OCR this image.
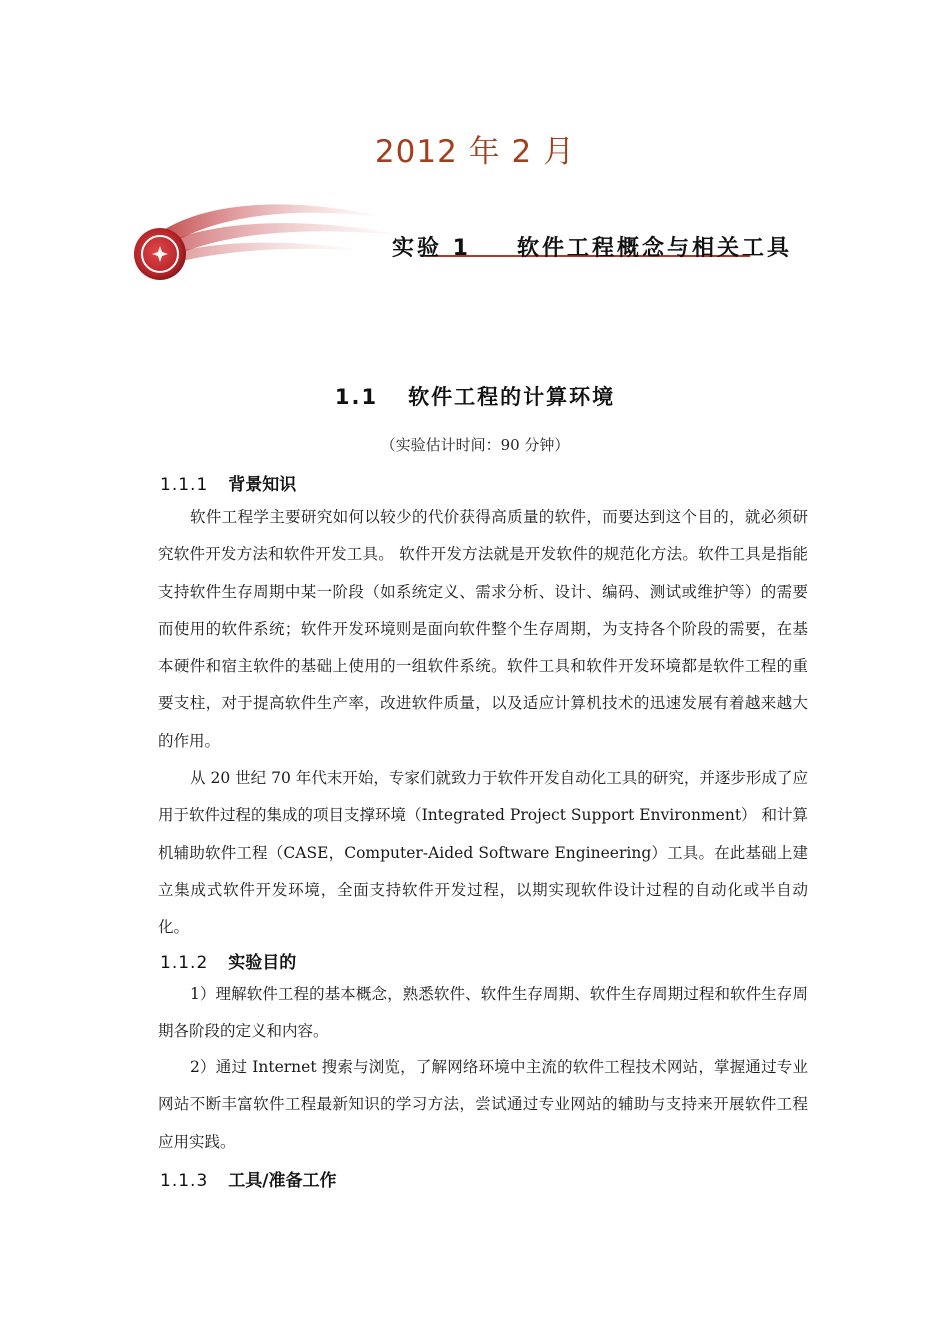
2012 年 2 月
实验 1 软件工程概念与相关工具
1.1 软件工程的计算环境
（实验估计时间：90 分钟）
1.1.1 背景知识
软件工程学主要研究如何以较少的代价获得高质量的软件，而要达到这个目的，就必须研究软件开发方法和软件开发工具。 软件开发方法就是开发软件的规范化方法。软件工具是指能支持软件生存周期中某一阶段（如系统定义、需求分析、设计、编码、测试或维护等）的需要而使用的软件系统；软件开发环境则是面向软件整个生存周期，为支持各个阶段的需要，在基本硬件和宿主软件的基础上使用的一组软件系统。软件工具和软件开发环境都是软件工程的重要支柱，对于提高软件生产率，改进软件质量，以及适应计算机技术的迅速发展有着越来越大的作用。
从 20 世纪 70 年代末开始，专家们就致力于软件开发自动化工具的研究，并逐步形成了应用于软件过程的集成的项目支撑环境（Integrated Project Support Environment） 和计算机辅助软件工程（CASE，Computer-Aided Software Engineering）工具。在此基础上建立集成式软件开发环境，全面支持软件开发过程，以期实现软件设计过程的自动化或半自动化。
1.1.2 实验目的
1）理解软件工程的基本概念，熟悉软件、软件生存周期、软件生存周期过程和软件生存周期各阶段的定义和内容。
2）通过 Internet 搜索与浏览，了解网络环境中主流的软件工程技术网站，掌握通过专业网站不断丰富软件工程最新知识的学习方法，尝试通过专业网站的辅助与支持来开展软件工程应用实践。
1.1.3 工具/准备工作
